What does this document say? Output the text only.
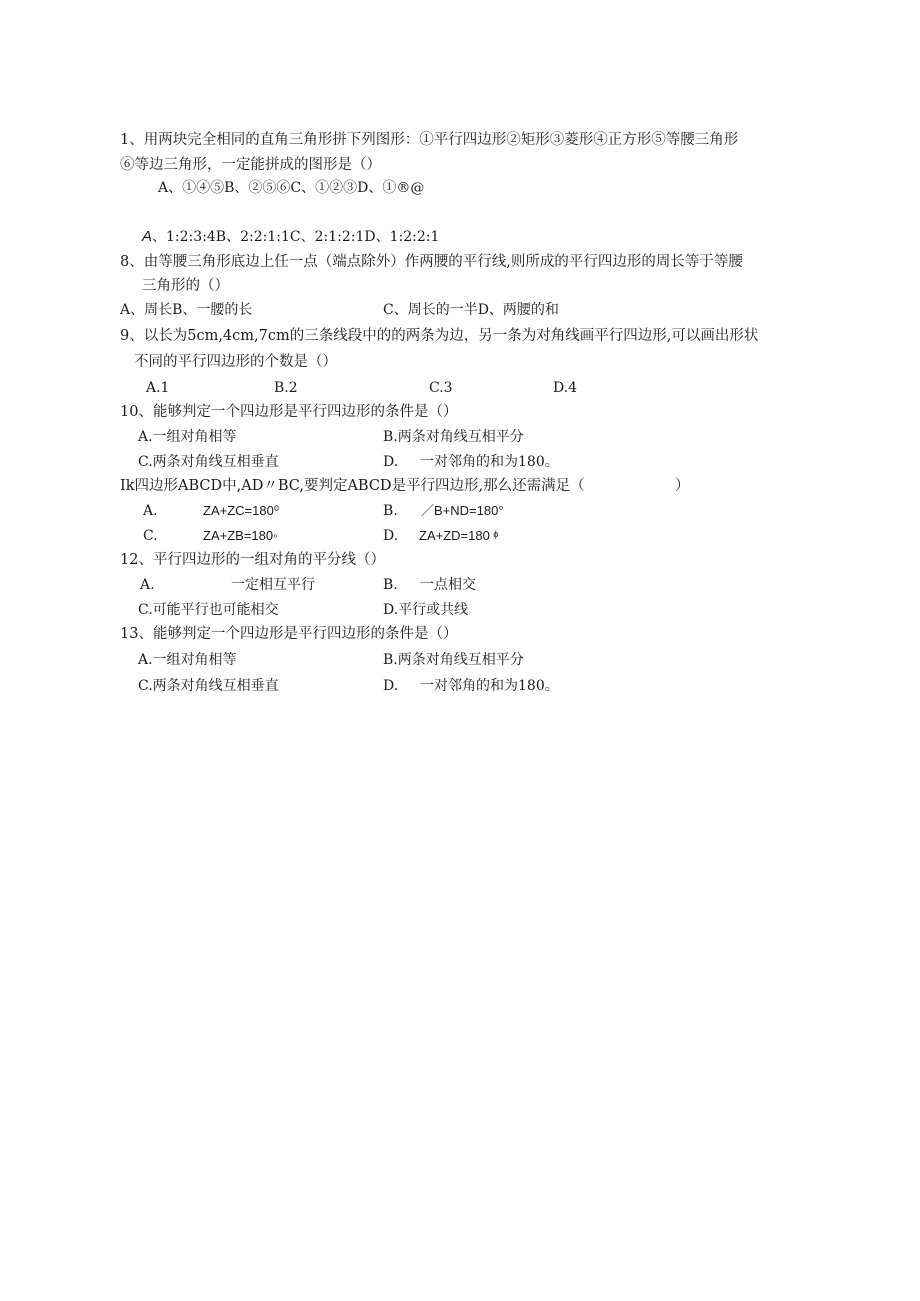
1、用两块完全相同的直角三角形拼下列图形：①平行四边形②矩形③菱形④正方形⑤等腰三角形
⑥等边三角形，一定能拼成的图形是（）
A、①④⑤B、②⑤⑥C、①②③D、①®@
A、1:2:3:4B、2:2:1:1C、2:1:2:1D、1:2:2:1
8、由等腰三角形底边上任一点（端点除外）作两腰的平行线,则所成的平行四边形的周长等于等腰
三角形的（）
A、周长B、一腰的长	C、周长的一半D、两腰的和
9、以长为5cm,4cm,7cm的三条线段中的的两条为边，另一条为对角线画平行四边形,可以画出形状
不同的平行四边形的个数是（）
A.1	B.2	C.3	D.4
10、能够判定一个四边形是平行四边形的条件是（）
A.一组对角相等	B.两条对角线互相平分
C.两条对角线互相垂直	D. 一对邻角的和为180。
Ik四边形ABCD中,AD〃BC,要判定ABCD是平行四边形,那么还需满足（	）
A.	ZA+ZC=180⁰	B. ／B+ND=180°
C.	ZA+ZB=180◦	D. ZA+ZD=180 ᶲ
12、平行四边形的一组对角的平分线（）
A.	一定相互平行	B. 一点相交
C.可能平行也可能相交	D.平行或共线
13、能够判定一个四边形是平行四边形的条件是（）
A.一组对角相等	B.两条对角线互相平分
C.两条对角线互相垂直	D. 一对邻角的和为180。
